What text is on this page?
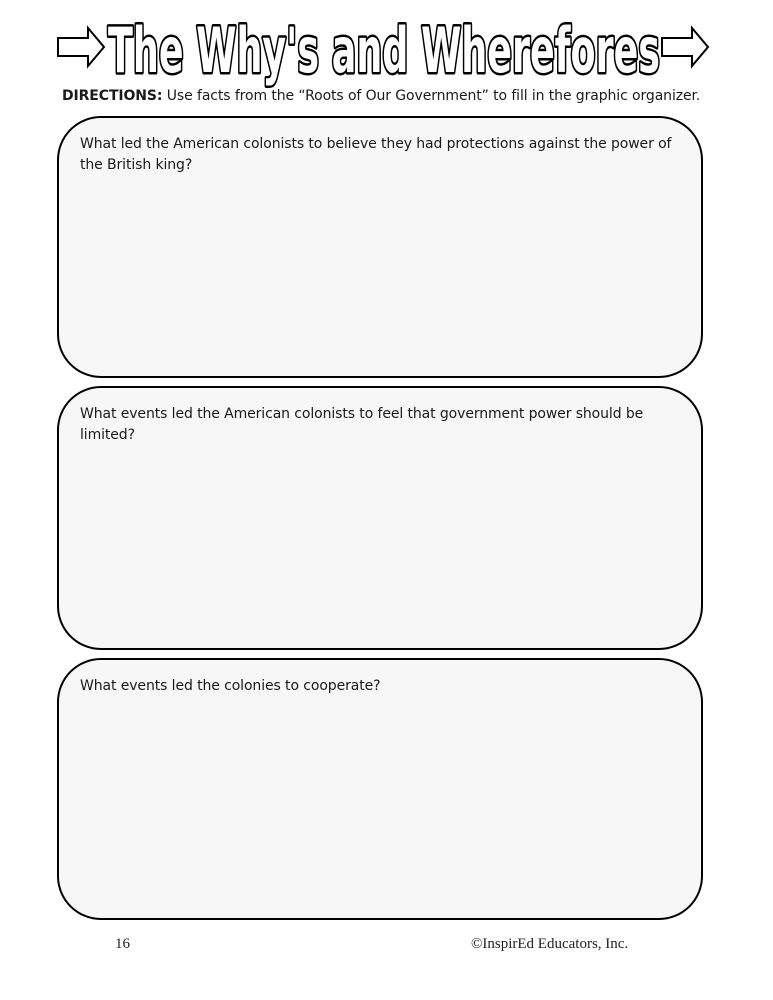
The Why's and Wherefores
DIRECTIONS: Use facts from the “Roots of Our Government” to fill in the graphic organizer.
What led the American colonists to believe they had protections against the power of the British king?
What events led the American colonists to feel that government power should be limited?
What events led the colonies to cooperate?
16	©InspirEd Educators, Inc.
